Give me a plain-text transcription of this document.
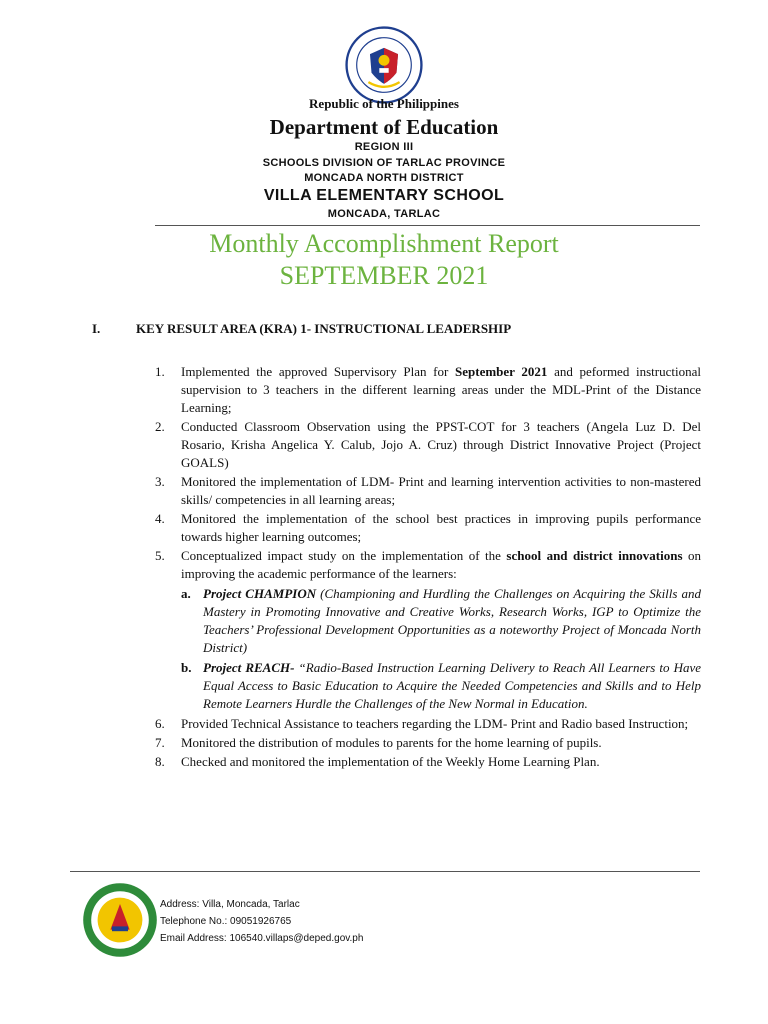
Republic of the Philippines
Department of Education
REGION III
SCHOOLS DIVISION OF TARLAC PROVINCE
MONCADA NORTH DISTRICT
VILLA ELEMENTARY SCHOOL
MONCADA, TARLAC
Monthly Accomplishment Report
SEPTEMBER 2021
I.	KEY RESULT AREA (KRA) 1- INSTRUCTIONAL LEADERSHIP
1. Implemented the approved Supervisory Plan for September 2021 and peformed instructional supervision to 3 teachers in the different learning areas under the MDL-Print of the Distance Learning;
2. Conducted Classroom Observation using the PPST-COT for 3 teachers (Angela Luz D. Del Rosario, Krisha Angelica Y. Calub, Jojo A. Cruz) through District Innovative Project (Project GOALS)
3. Monitored the implementation of LDM- Print and learning intervention activities to non-mastered skills/ competencies in all learning areas;
4. Monitored the implementation of the school best practices in improving pupils performance towards higher learning outcomes;
5. Conceptualized impact study on the implementation of the school and district innovations on improving the academic performance of the learners:
a. Project CHAMPION (Championing and Hurdling the Challenges on Acquiring the Skills and Mastery in Promoting Innovative and Creative Works, Research Works, IGP to Optimize the Teachers’ Professional Development Opportunities as a noteworthy Project of Moncada North District)
b. Project REACH- “Radio-Based Instruction Learning Delivery to Reach All Learners to Have Equal Access to Basic Education to Acquire the Needed Competencies and Skills and to Help Remote Learners Hurdle the Challenges of the New Normal in Education.
6. Provided Technical Assistance to teachers regarding the LDM- Print and Radio based Instruction;
7. Monitored the distribution of modules to parents for the home learning of pupils.
8. Checked and monitored the implementation of the Weekly Home Learning Plan.
Address: Villa, Moncada, Tarlac
Telephone No.: 09051926765
Email Address: 106540.villaps@deped.gov.ph
